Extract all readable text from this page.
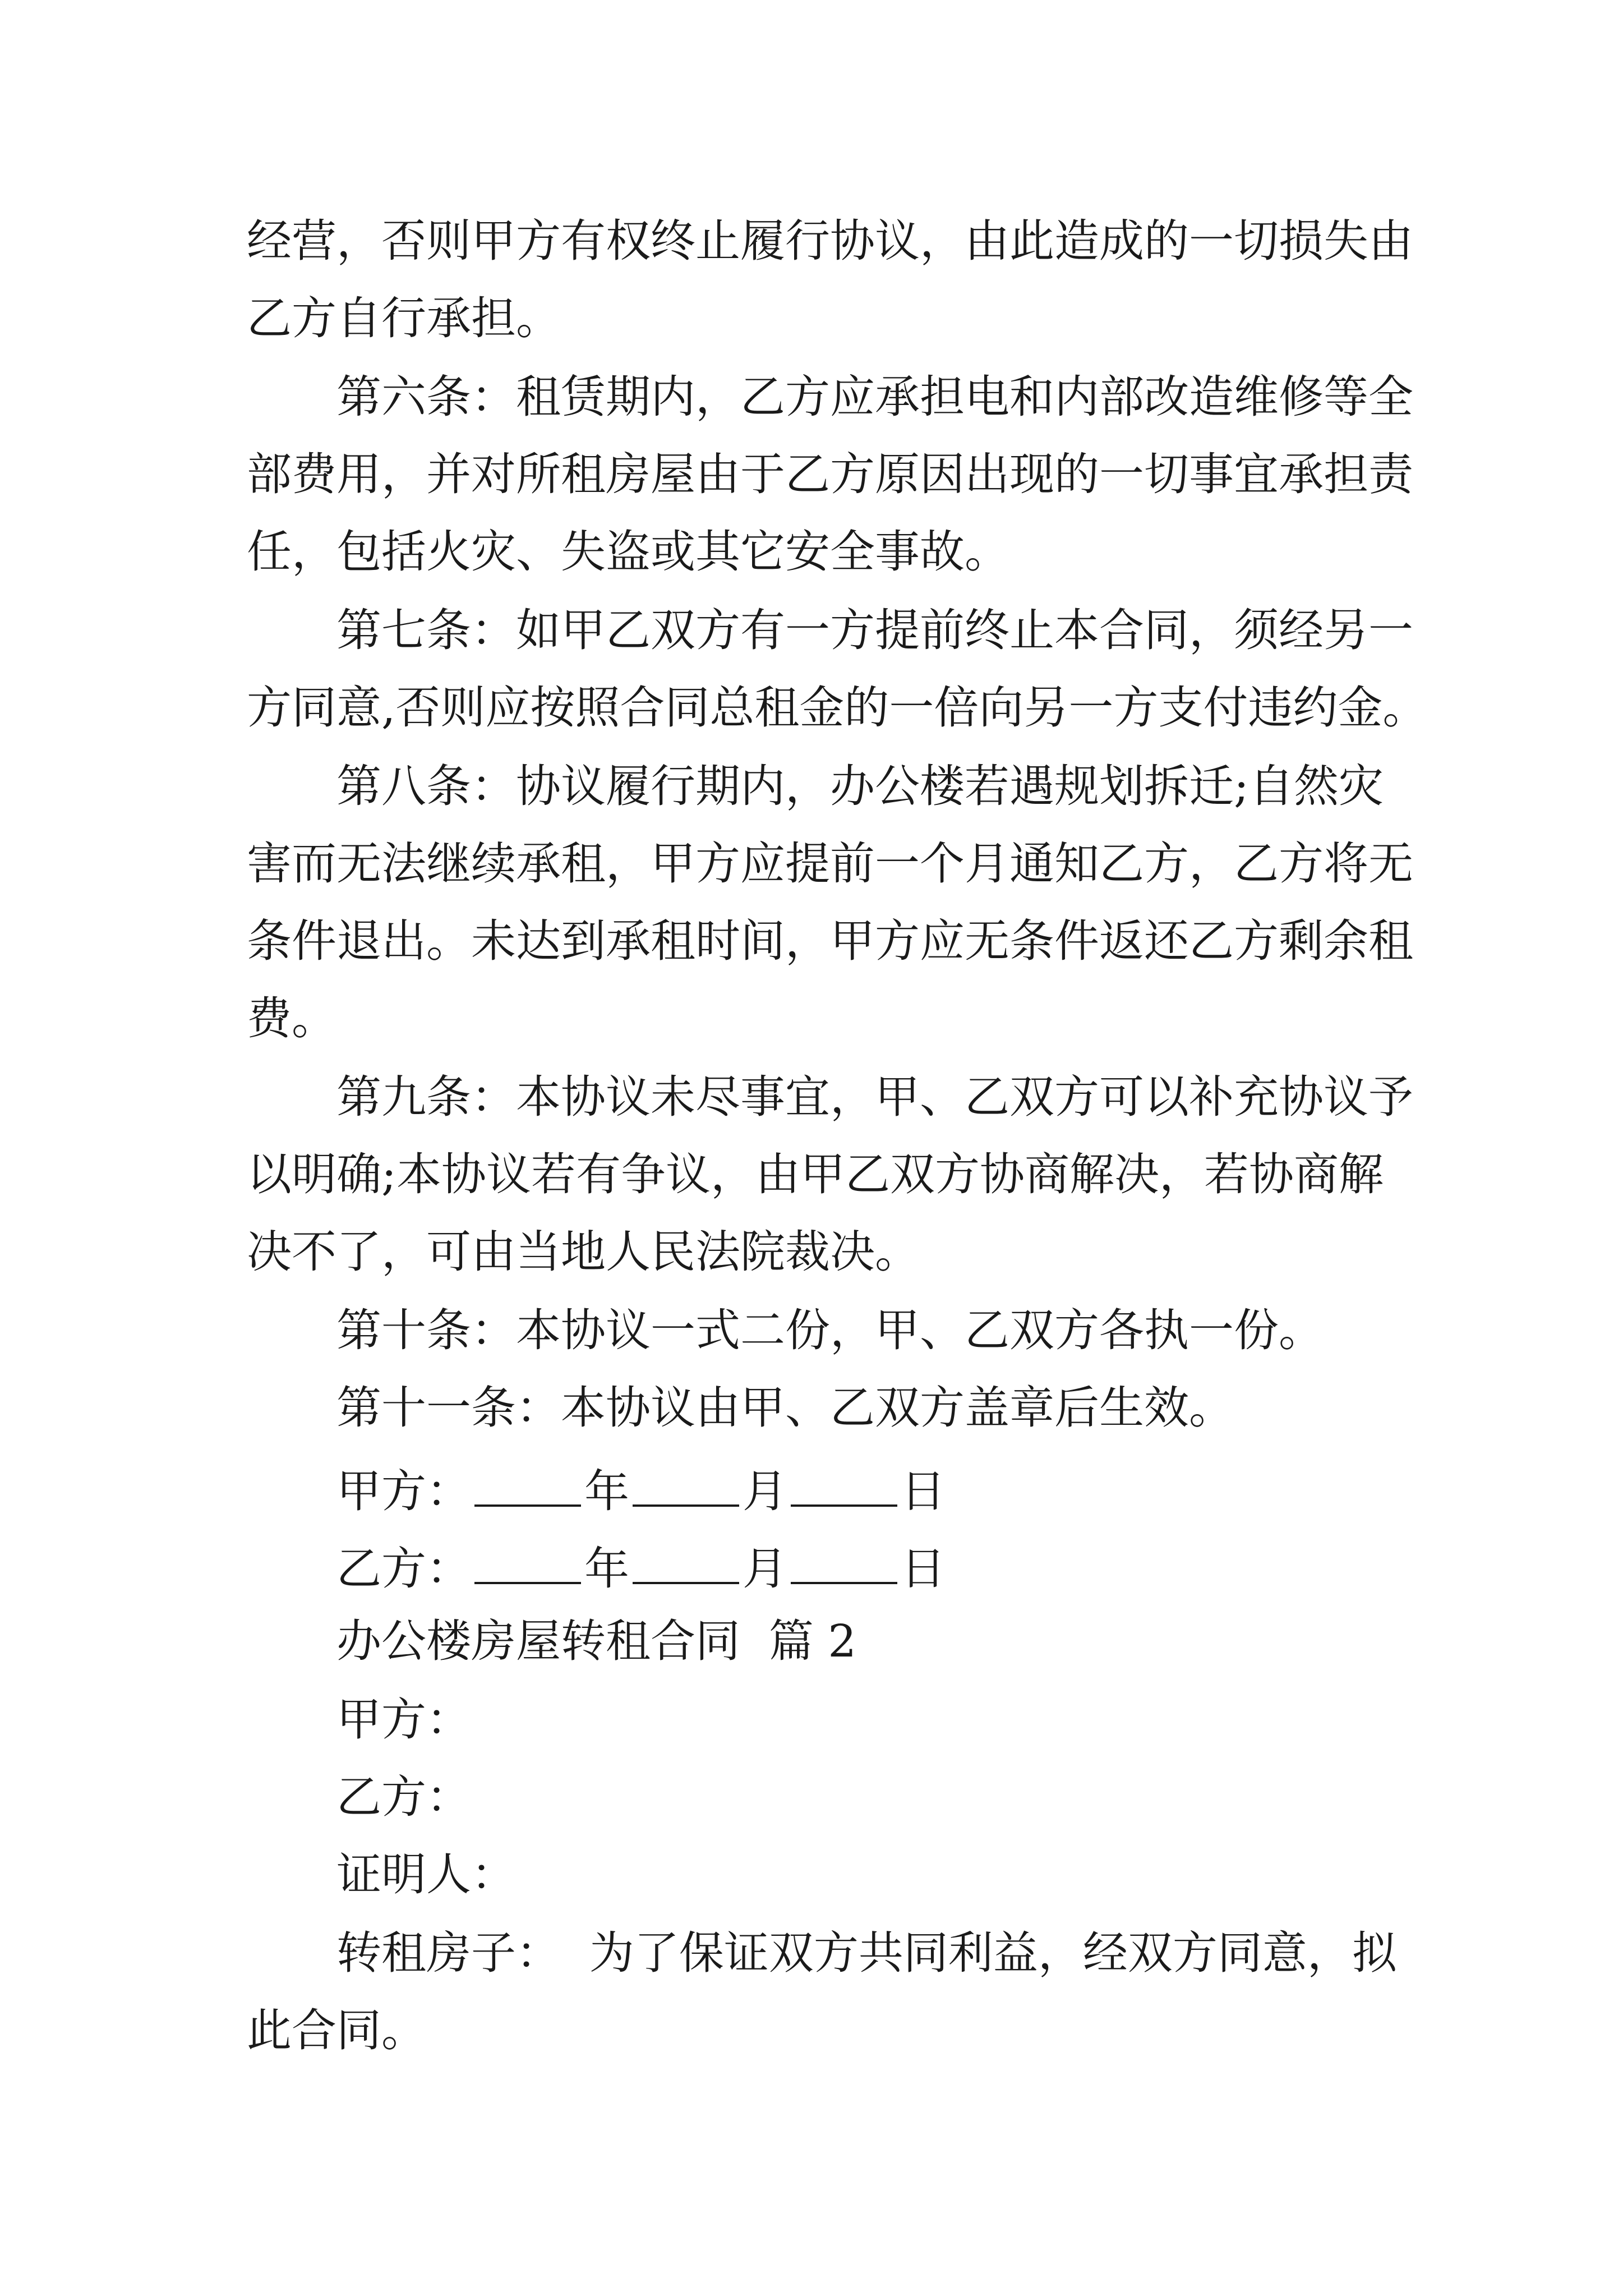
经营，否则甲方有权终止履行协议，由此造成的一切损失由
乙方自行承担。
第六条：租赁期内，乙方应承担电和内部改造维修等全
部费用，并对所租房屋由于乙方原因出现的一切事宜承担责
任，包括火灾、失盗或其它安全事故。
第七条：如甲乙双方有一方提前终止本合同，须经另一
方同意,否则应按照合同总租金的一倍向另一方支付违约金。
第八条：协议履行期内，办公楼若遇规划拆迁;自然灾
害而无法继续承租，甲方应提前一个月通知乙方，乙方将无
条件退出。未达到承租时间，甲方应无条件返还乙方剩余租
费。
第九条：本协议未尽事宜，甲、乙双方可以补充协议予
以明确;本协议若有争议，由甲乙双方协商解决，若协商解
决不了，可由当地人民法院裁决。
第十条：本协议一式二份，甲、乙双方各执一份。
第十一条：本协议由甲、乙双方盖章后生效。
甲方：	年	月	日
乙方：	年	月	日
办公楼房屋转租合同  篇 2
甲方：
乙方：
证明人：
转租房子：  为了保证双方共同利益，经双方同意，拟
此合同。
